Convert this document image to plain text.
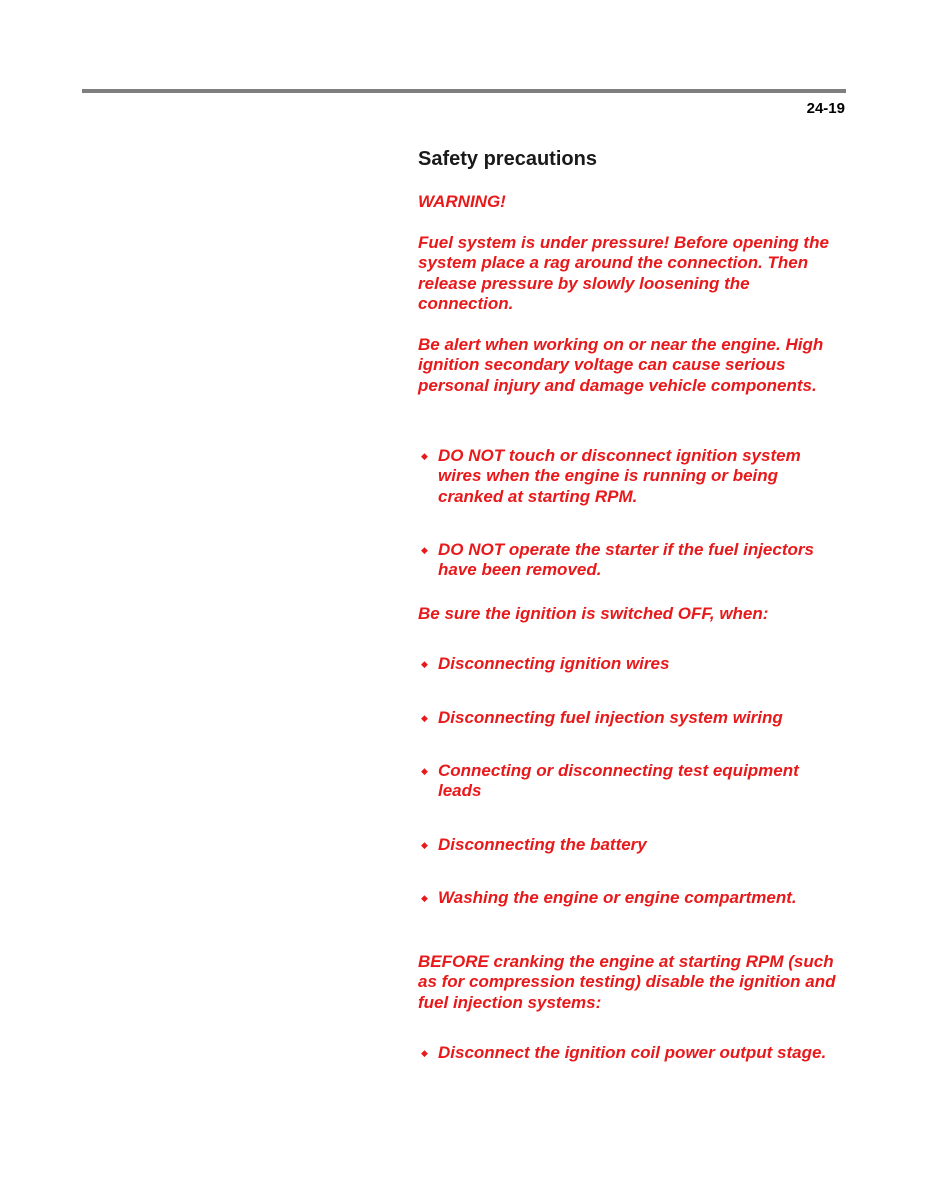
24-19
Safety precautions
WARNING!
Fuel system is under pressure! Before opening the system place a rag around the connection. Then release pressure by slowly loosening the connection.
Be alert when working on or near the engine. High ignition secondary voltage can cause serious personal injury and damage vehicle components.
◆ DO NOT touch or disconnect ignition system wires when the engine is running or being cranked at starting RPM.
◆ DO NOT operate the starter if the fuel injectors have been removed.
Be sure the ignition is switched OFF, when:
◆ Disconnecting ignition wires
◆ Disconnecting fuel injection system wiring
◆ Connecting or disconnecting test equipment leads
◆ Disconnecting the battery
◆ Washing the engine or engine compartment.
BEFORE cranking the engine at starting RPM (such as for compression testing) disable the ignition and fuel injection systems:
◆ Disconnect the ignition coil power output stage.
